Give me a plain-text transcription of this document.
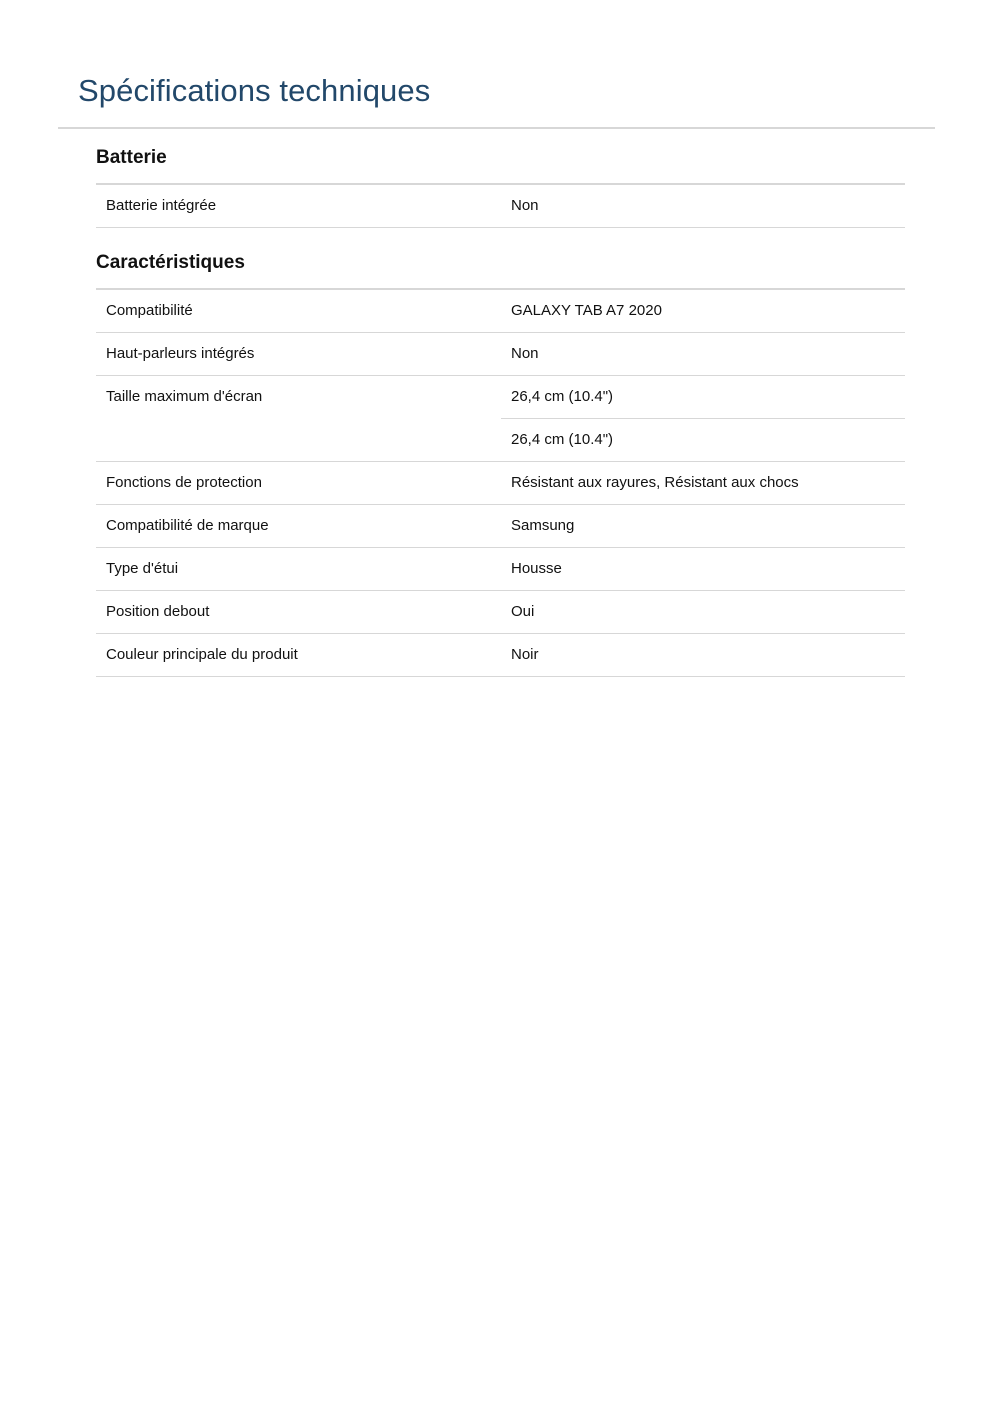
Spécifications techniques
Batterie
Batterie intégrée	Non
Caractéristiques
Compatibilité	GALAXY TAB A7 2020
Haut-parleurs intégrés	Non
Taille maximum d'écran	26,4 cm (10.4")
26,4 cm (10.4")
Fonctions de protection	Résistant aux rayures, Résistant aux chocs
Compatibilité de marque	Samsung
Type d'étui	Housse
Position debout	Oui
Couleur principale du produit	Noir
